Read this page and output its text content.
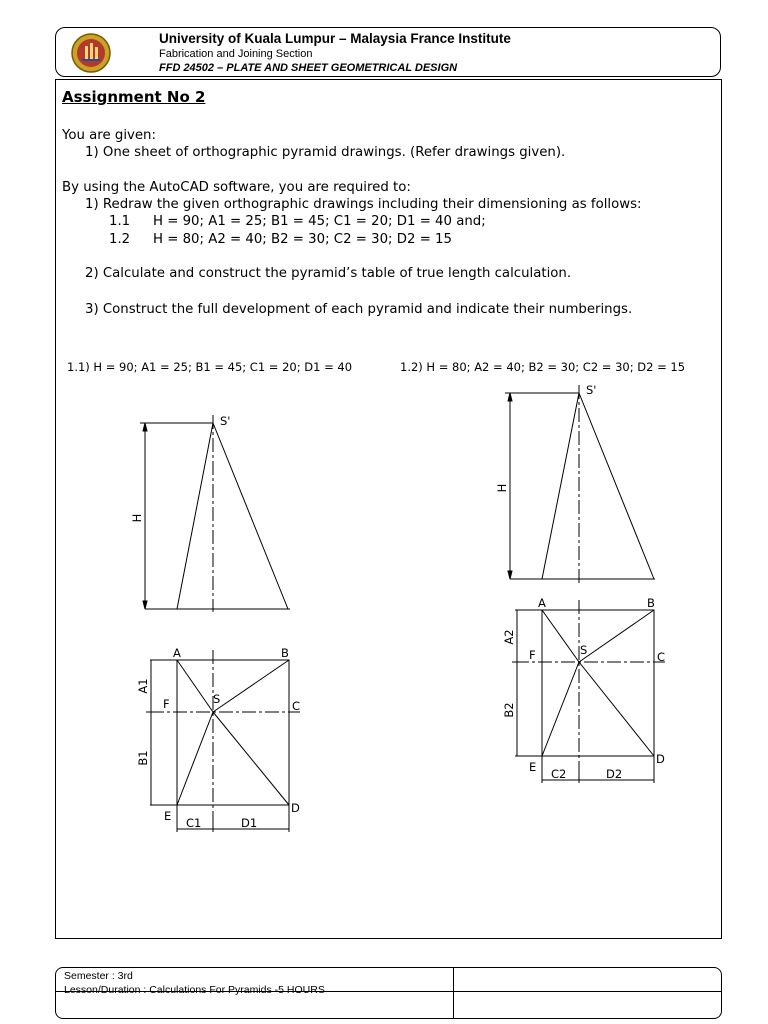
University of Kuala Lumpur – Malaysia France Institute
Fabrication and Joining Section
FFD 24502 – PLATE AND SHEET GEOMETRICAL DESIGN
Assignment No 2
You are given:
1) One sheet of orthographic pyramid drawings. (Refer drawings given).
By using the AutoCAD software, you are required to:
1) Redraw the given orthographic drawings including their dimensioning as follows:
1.1 H = 90; A1 = 25; B1 = 45; C1 = 20; D1 = 40 and;
1.2 H = 80; A2 = 40; B2 = 30; C2 = 30; D2 = 15
2) Calculate and construct the pyramid’s table of true length calculation.
3) Construct the full development of each pyramid and indicate their numberings.
1.1) H = 90; A1 = 25; B1 = 45; C1 = 20; D1 = 40	1.2) H = 80; A2 = 40; B2 = 30; C2 = 30; D2 = 15
S'
H
A	B
C
D
E
F	S
A1
B1
C1	D1
S'
H
A	B
C
D
E
F	S
A2
B2
C2	D2
Semester : 3rd
Lesson/Duration : Calculations For Pyramids -5 HOURS
